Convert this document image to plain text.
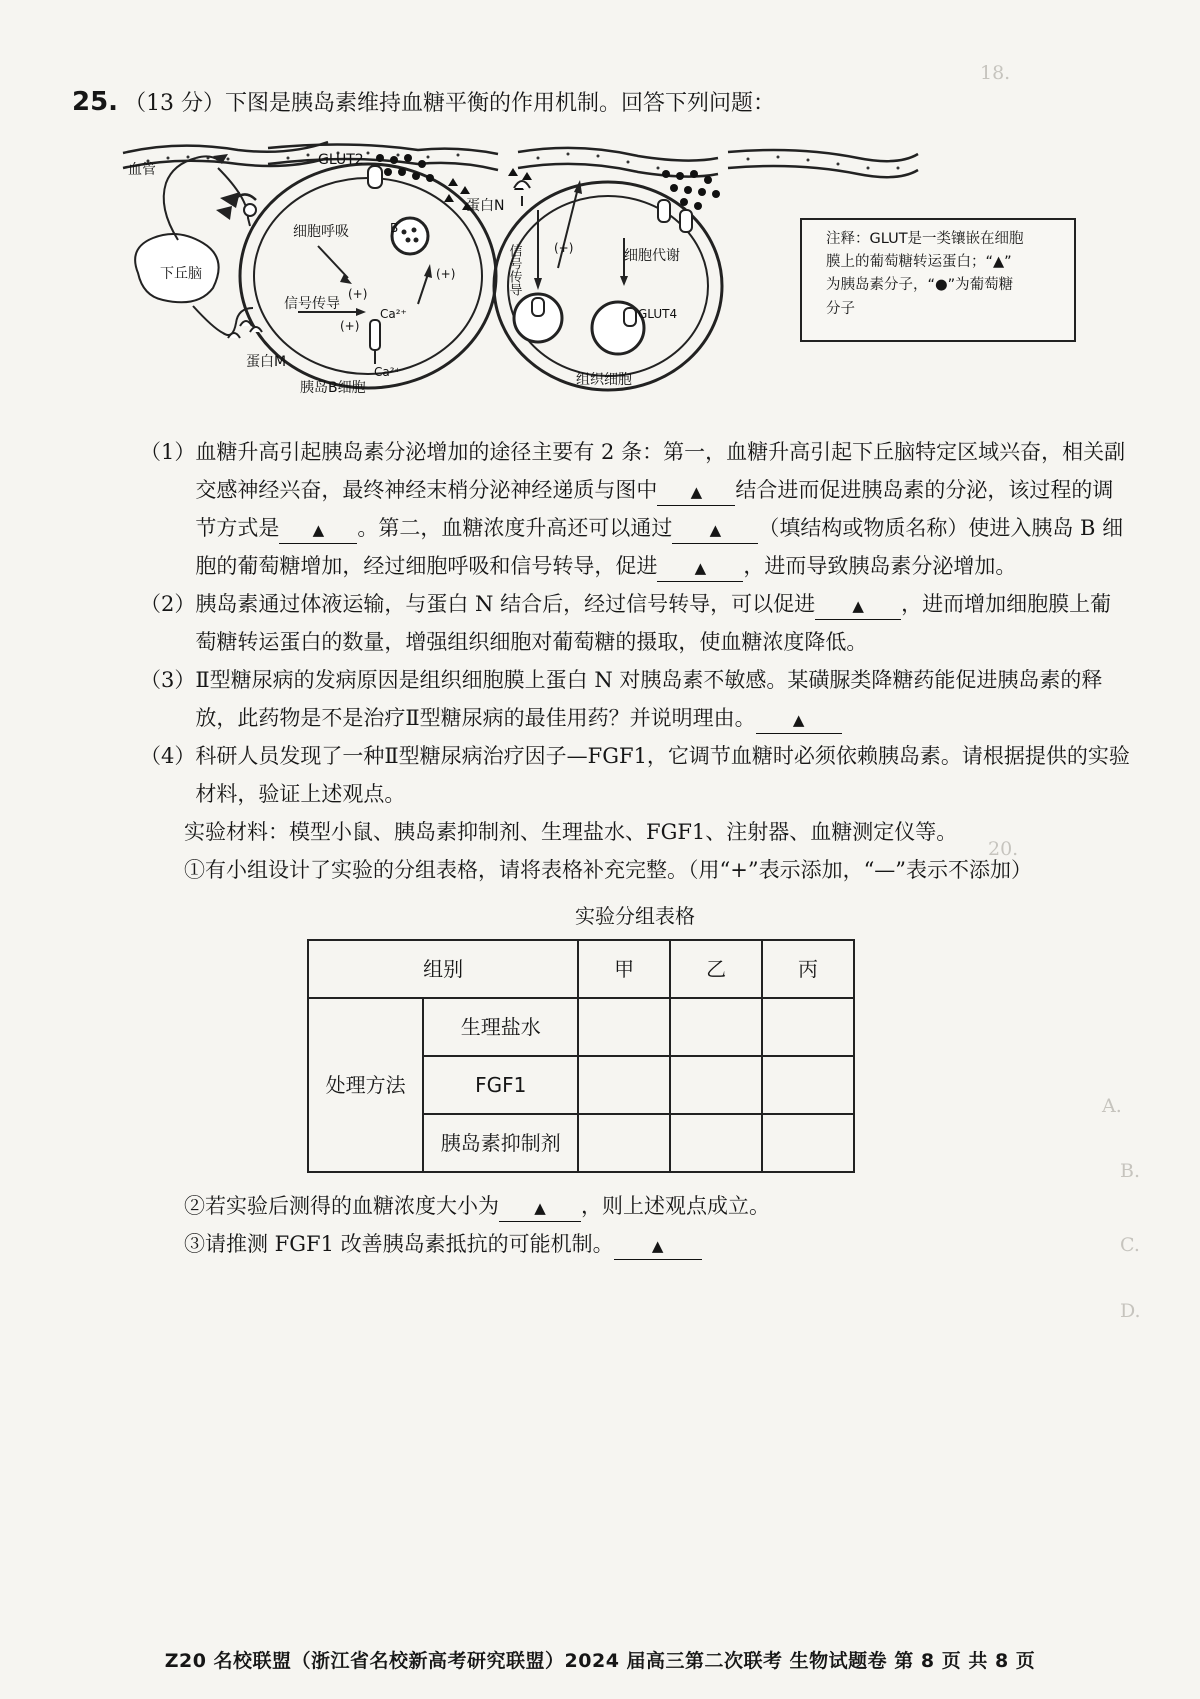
18.
20.
A.
B.
C.
D.
25. （13 分）下图是胰岛素维持血糖平衡的作用机制。回答下列问题：
血管
下丘脑
GLUT2
细胞呼吸	B
(+)
信号传导
(+)
(+)
Ca²⁺
Ca²⁺
蛋白M
胰岛B细胞
蛋白N
信号传导	(+)	细胞代谢
GLUT4
组织细胞
注释：GLUT是一类镶嵌在细胞
膜上的葡萄糖转运蛋白；“▲”
为胰岛素分子，“●”为葡萄糖
分子
（1） 血糖升高引起胰岛素分泌增加的途径主要有 2 条：第一，血糖升高引起下丘脑特定区域兴奋，相关副交感神经兴奋，最终神经末梢分泌神经递质与图中 ▲ 结合进而促进胰岛素的分泌，该过程的调节方式是 ▲ 。第二，血糖浓度升高还可以通过 ▲ （填结构或物质名称）使进入胰岛 B 细胞的葡萄糖增加，经过细胞呼吸和信号转导，促进 ▲ ，进而导致胰岛素分泌增加。
（2） 胰岛素通过体液运输，与蛋白 N 结合后，经过信号转导，可以促进 ▲ ，进而增加细胞膜上葡萄糖转运蛋白的数量，增强组织细胞对葡萄糖的摄取，使血糖浓度降低。
（3） Ⅱ型糖尿病的发病原因是组织细胞膜上蛋白 N 对胰岛素不敏感。某磺脲类降糖药能促进胰岛素的释放，此药物是不是治疗Ⅱ型糖尿病的最佳用药？并说明理由。 ▲
（4） 科研人员发现了一种Ⅱ型糖尿病治疗因子—FGF1，它调节血糖时必须依赖胰岛素。请根据提供的实验材料，验证上述观点。
实验材料：模型小鼠、胰岛素抑制剂、生理盐水、FGF1、注射器、血糖测定仪等。
①有小组设计了实验的分组表格，请将表格补充完整。（用“+”表示添加，“—”表示不添加）
实验分组表格
组别		甲	乙	丙
处理方法	生理盐水			
	FGF1			
	胰岛素抑制剂			
②若实验后测得的血糖浓度大小为 ▲ ，则上述观点成立。
③请推测 FGF1 改善胰岛素抵抗的可能机制。	▲
Z20 名校联盟（浙江省名校新高考研究联盟）2024 届高三第二次联考 生物试题卷 第 8 页 共 8 页
